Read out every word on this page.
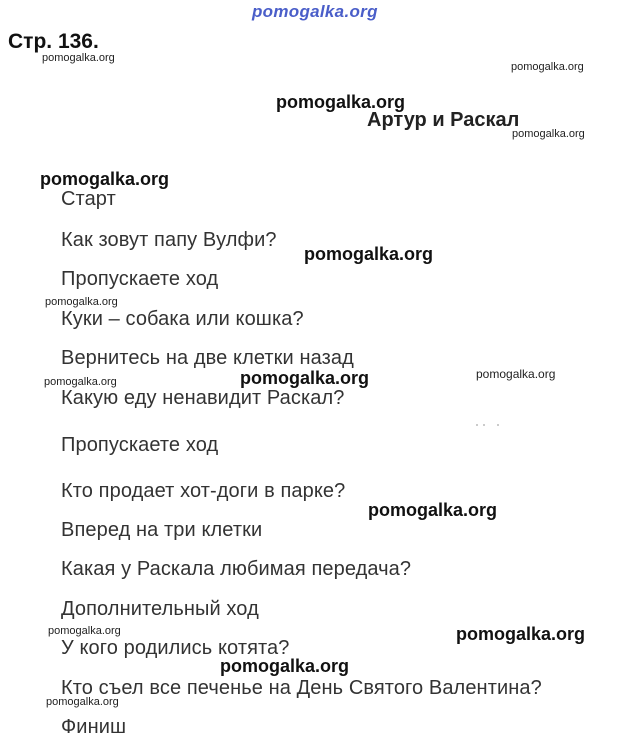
pomogalka.org
Стр. 136.
Артур и Раскал
Старт
Как зовут папу Вулфи?
Пропускаете ход
Куки – собака или кошка?
Вернитесь на две клетки назад
Какую еду ненавидит Раскал?
Пропускаете ход
Кто продает хот-доги в парке?
Вперед на три клетки
Какая у Раскала любимая передача?
Дополнительный ход
У кого родились котята?
Кто съел все печенье на День Святого Валентина?
Финиш
pomogalka.org
pomogalka.org
pomogalka.org
pomogalka.org
pomogalka.org
pomogalka.org
pomogalka.org
pomogalka.org	pomogalka.org
pomogalka.org
pomogalka.org
pomogalka.org	pomogalka.org
pomogalka.org
pomogalka.org
